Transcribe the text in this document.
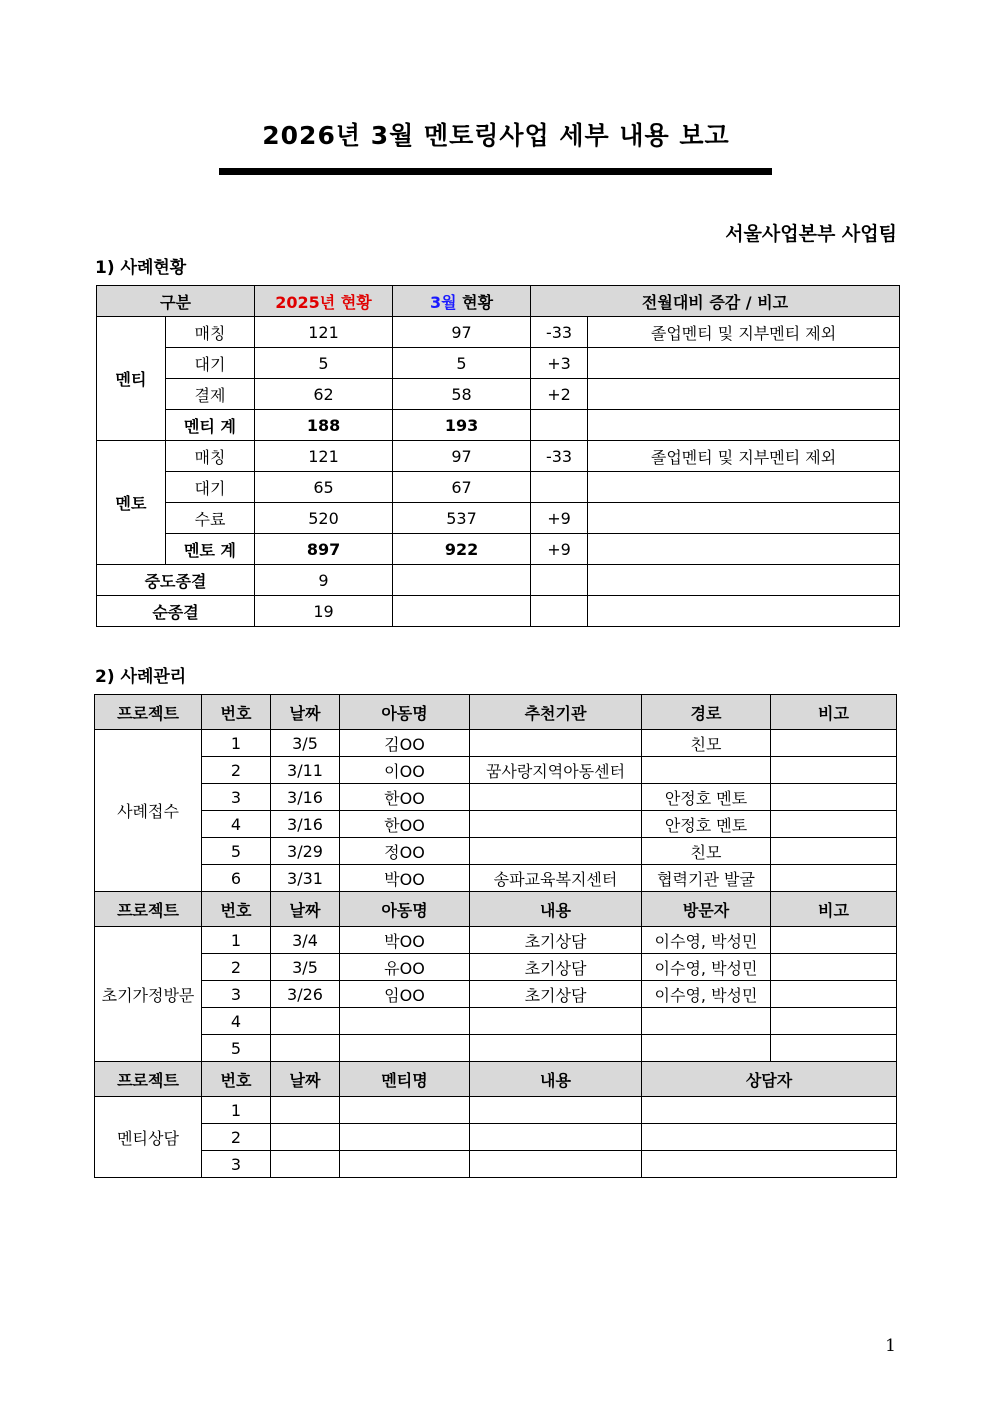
2026년 3월 멘토링사업 세부 내용 보고
서울사업본부 사업팀
1) 사례현황
구분		2025년 현황	3월 현황	전월대비 증감 / 비고	
멘티	매칭	121	97	-33	졸업멘티 및 지부멘티 제외
	대기	5	5	+3	
	결제	62	58	+2	
	멘티 계	188	193		
멘토	매칭	121	97	-33	졸업멘티 및 지부멘티 제외
	대기	65	67		
	수료	520	537	+9	
	멘토 계	897	922	+9	
중도종결		9			
순종결		19			
2) 사례관리
프로젝트	번호	날짜	아동명	추천기관	경로	비고
사례접수	1	3/5	김OO		친모	
	2	3/11	이OO	꿈사랑지역아동센터		
	3	3/16	한OO		안정호 멘토	
	4	3/16	한OO		안정호 멘토	
	5	3/29	정OO		친모	
	6	3/31	박OO	송파교육복지센터	협력기관 발굴	
프로젝트	번호	날짜	아동명	내용	방문자	비고
초기가정방문	1	3/4	박OO	초기상담	이수영, 박성민	
	2	3/5	유OO	초기상담	이수영, 박성민	
	3	3/26	임OO	초기상담	이수영, 박성민	
	4					
	5					
프로젝트	번호	날짜	멘티명	내용	상담자	
멘티상담	1					
	2					
	3					
1
